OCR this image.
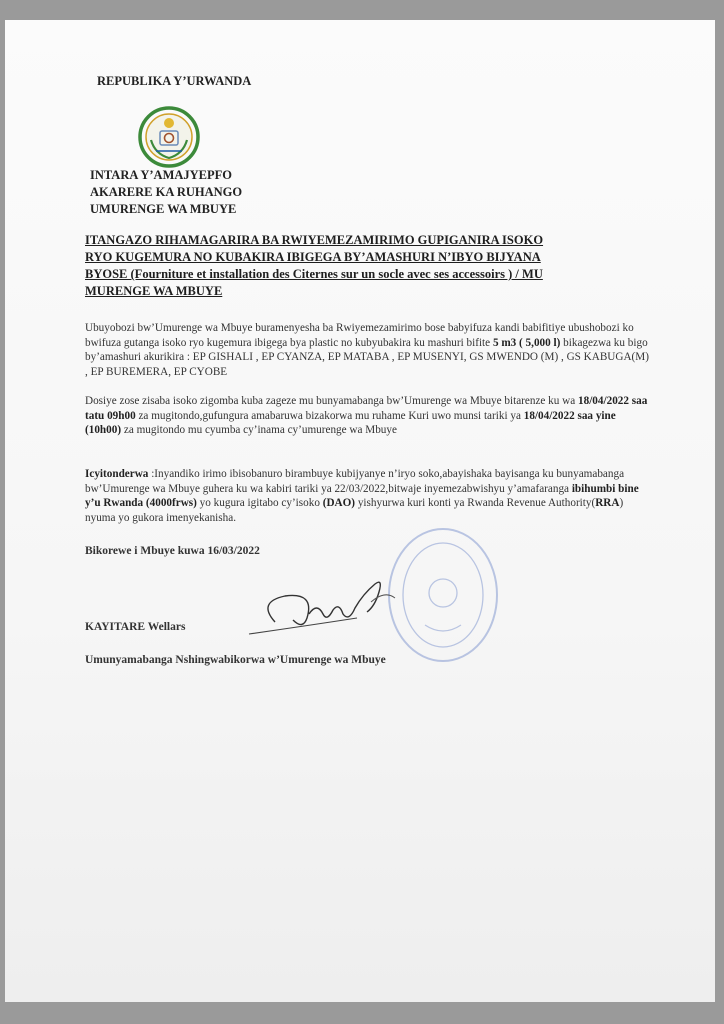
REPUBLIKA Y’URWANDA
INTARA Y’AMAJYEPFO
AKARERE KA RUHANGO
UMURENGE WA MBUYE
ITANGAZO RIHAMAGARIRA BA RWIYEMEZAMIRIMO GUPIGANIRA ISOKO
RYO KUGEMURA NO KUBAKIRA IBIGEGA BY’AMASHURI N’IBYO BIJYANA
BYOSE (Fourniture et installation des Citernes sur un socle avec ses accessoirs ) / MU
MURENGE WA MBUYE
Ubuyobozi bw’Umurenge wa Mbuye buramenyesha ba Rwiyemezamirimo bose babyifuza kandi babifitiye ubushobozi ko bwifuza gutanga isoko ryo kugemura ibigega bya plastic no kubyubakira ku mashuri bifite 5 m3 ( 5,000 l) bikagezwa ku bigo by’amashuri akurikira : EP GISHALI , EP CYANZA, EP MATABA , EP MUSENYI, GS MWENDO (M) , GS KABUGA(M) , EP BUREMERA, EP CYOBE
Dosiye zose zisaba isoko zigomba kuba zageze mu bunyamabanga bw’Umurenge wa Mbuye bitarenze ku wa 18/04/2022 saa tatu 09h00 za mugitondo,gufungura amabaruwa bizakorwa mu ruhame Kuri uwo munsi tariki ya 18/04/2022 saa yine (10h00) za mugitondo mu cyumba cy’inama cy’umurenge wa Mbuye
Icyitonderwa :Inyandiko irimo ibisobanuro birambuye kubijyanye n’iryo soko,abayishaka bayisanga ku bunyamabanga bw’Umurenge wa Mbuye guhera ku wa kabiri tariki ya 22/03/2022,bitwaje inyemezabwishyu y’amafaranga ibihumbi bine y’u Rwanda (4000frws) yo kugura igitabo cy’isoko (DAO) yishyurwa kuri konti ya Rwanda Revenue Authority(RRA) nyuma yo gukora imenyekanisha.
Bikorewe i Mbuye kuwa 16/03/2022
KAYITARE Wellars
Umunyamabanga Nshingwabikorwa w’Umurenge wa Mbuye
